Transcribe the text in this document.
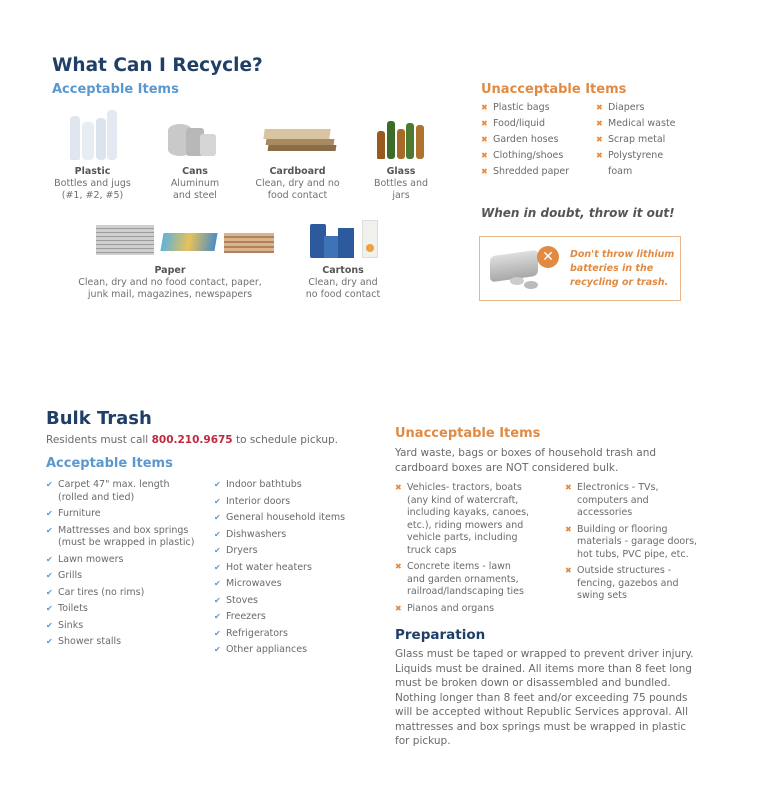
What Can I Recycle?
Acceptable Items
Plastic
Bottles and jugs (#1, #2, #5)
Cans
Aluminum and steel
Cardboard
Clean, dry and no food contact
Glass
Bottles and jars
Paper
Clean, dry and no food contact, paper, junk mail, magazines, newspapers
Cartons
Clean, dry and no food contact
Unacceptable Items
✖ Plastic bags
✖ Food/liquid
✖ Garden hoses
✖ Clothing/shoes
✖ Shredded paper
✖ Diapers
✖ Medical waste
✖ Scrap metal
✖ Polystyrene foam
When in doubt, throw it out!
✕	Don't throw lithium batteries in the recycling or trash.
Bulk Trash
Residents must call 800.210.9675 to schedule pickup.
Acceptable Items
✔ Carpet 47" max. length (rolled and tied)
✔ Furniture
✔ Mattresses and box springs (must be wrapped in plastic)
✔ Lawn mowers
✔ Grills
✔ Car tires (no rims)
✔ Toilets
✔ Sinks
✔ Shower stalls
✔ Indoor bathtubs
✔ Interior doors
✔ General household items
✔ Dishwashers
✔ Dryers
✔ Hot water heaters
✔ Microwaves
✔ Stoves
✔ Freezers
✔ Refrigerators
✔ Other appliances
Unacceptable Items
Yard waste, bags or boxes of household trash and cardboard boxes are NOT considered bulk.
✖ Vehicles- tractors, boats (any kind of watercraft, including kayaks, canoes, etc.), riding mowers and vehicle parts, including truck caps
✖ Concrete items - lawn and garden ornaments, railroad/landscaping ties
✖ Pianos and organs
✖ Electronics - TVs, computers and accessories
✖ Building or flooring materials - garage doors, hot tubs, PVC pipe, etc.
✖ Outside structures - fencing, gazebos and swing sets
Preparation
Glass must be taped or wrapped to prevent driver injury. Liquids must be drained. All items more than 8 feet long must be broken down or disassembled and bundled. Nothing longer than 8 feet and/or exceeding 75 pounds will be accepted without Republic Services approval. All mattresses and box springs must be wrapped in plastic for pickup.
